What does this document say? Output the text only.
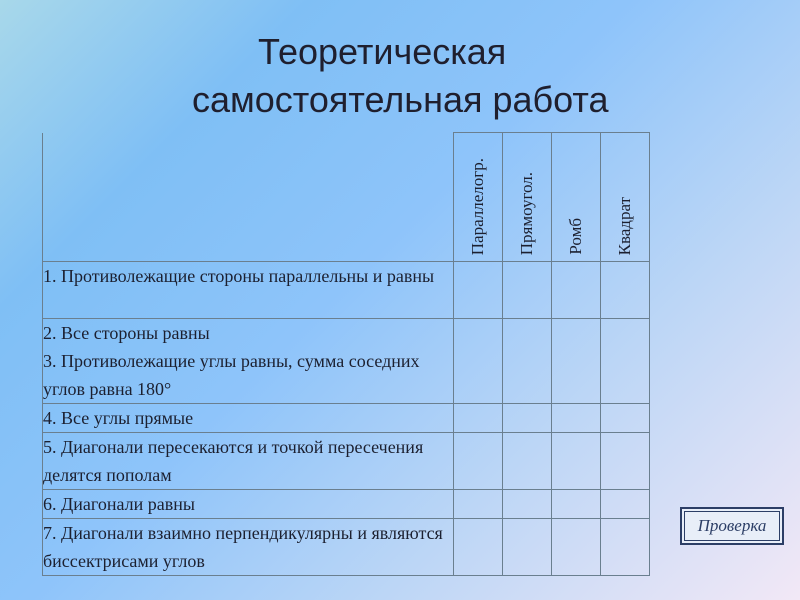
Теоретическая
самостоятельная работа

	Параллелогр.	Прямоугол.	Ромб	Квадрат

1. Противолежащие стороны параллельны и равны				

2. Все стороны равны
3. Противолежащие углы равны, сумма соседних углов равна 180°				

4. Все углы прямые				
5. Диагонали пересекаются и точкой пересечения делятся пополам				
6. Диагонали равны				
7. Диагонали взаимно перпендикулярны и являются биссектрисами углов				
Проверка
